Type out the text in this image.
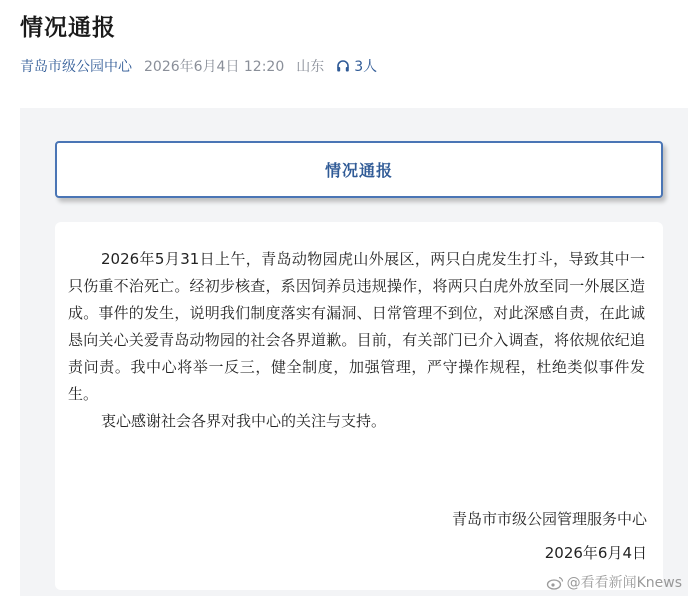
情况通报
青岛市级公园中心 2026年6月4日 12:20 山东 3人
情况通报

2026年5月31日上午，青岛动物园虎山外展区，两只白虎发生打斗，导致其中一只伤重不治死亡。经初步核查，系因饲养员违规操作，将两只白虎外放至同一外展区造成。事件的发生，说明我们制度落实有漏洞、日常管理不到位，对此深感自责，在此诚恳向关心关爱青岛动物园的社会各界道歉。目前，有关部门已介入调查，将依规依纪追责问责。我中心将举一反三，健全制度，加强管理，严守操作规程，杜绝类似事件发生。

衷心感谢社会各界对我中心的关注与支持。

青岛市市级公园管理服务中心
2026年6月4日
@看看新闻Knews
